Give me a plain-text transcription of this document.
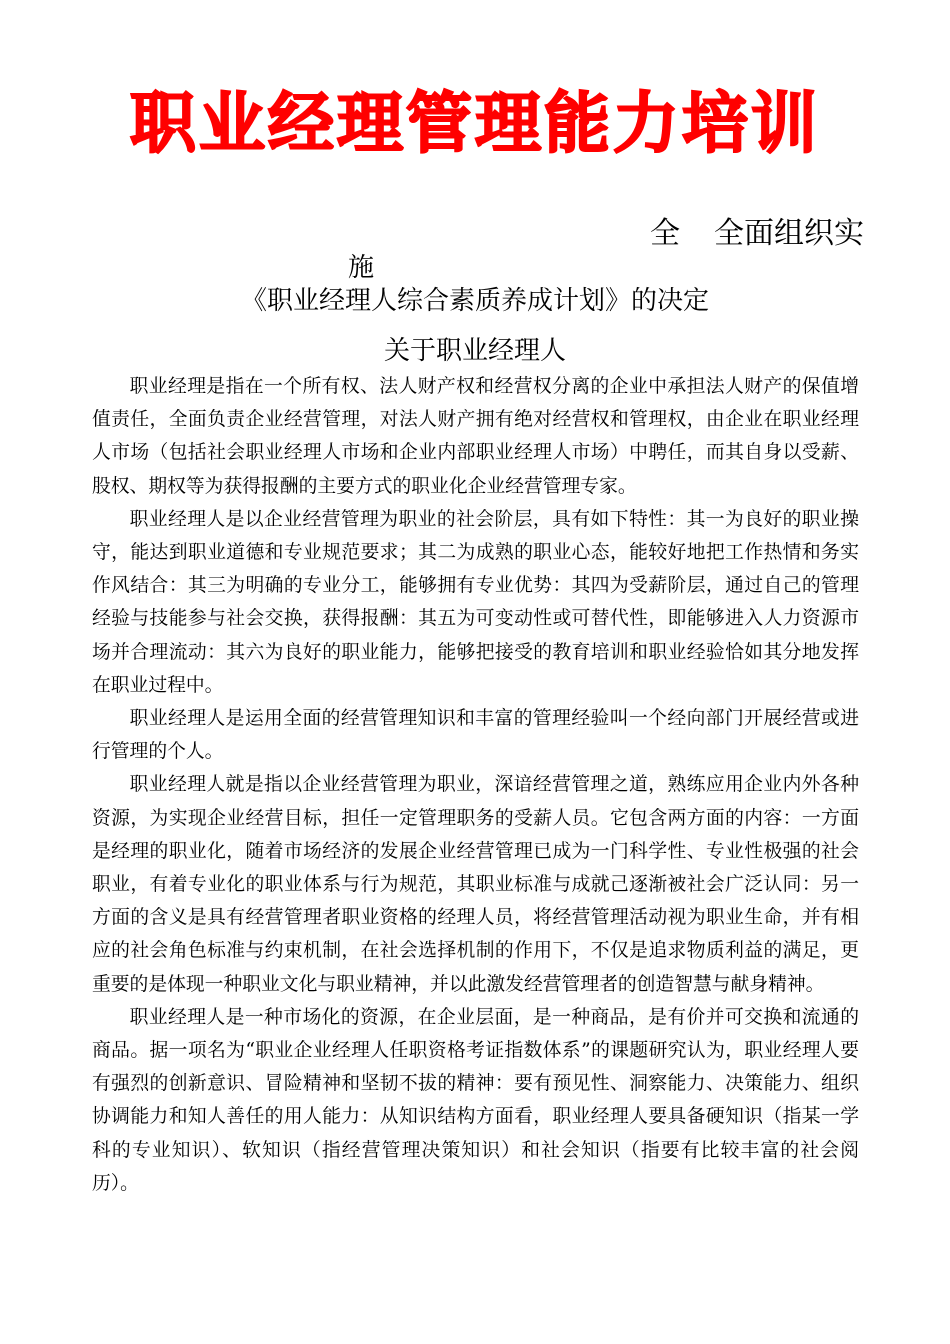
职业经理管理能力培训
全 全面组织实
施
《职业经理人综合素质养成计划》的决定
关于职业经理人

职业经理是指在一个所有权、法人财产权和经营权分离的企业中承担法人财产的保值增值责任，全面负责企业经营管理，对法人财产拥有绝对经营权和管理权，由企业在职业经理人市场（包括社会职业经理人市场和企业内部职业经理人市场）中聘任，而其自身以受薪、股权、期权等为获得报酬的主要方式的职业化企业经营管理专家。

职业经理人是以企业经营管理为职业的社会阶层，具有如下特性：其一为良好的职业操守，能达到职业道德和专业规范要求；其二为成熟的职业心态，能较好地把工作热情和务实作风结合：其三为明确的专业分工，能够拥有专业优势：其四为受薪阶层，通过自己的管理经验与技能参与社会交换，获得报酬：其五为可变动性或可替代性，即能够进入人力资源市场并合理流动：其六为良好的职业能力，能够把接受的教育培训和职业经验恰如其分地发挥在职业过程中。

职业经理人是运用全面的经营管理知识和丰富的管理经验叫一个经向部门开展经营或进行管理的个人。

职业经理人就是指以企业经营管理为职业，深谙经营管理之道，熟练应用企业内外各种资源，为实现企业经营目标，担任一定管理职务的受薪人员。它包含两方面的内容：一方面是经理的职业化，随着市场经济的发展企业经营管理已成为一门科学性、专业性极强的社会职业，有着专业化的职业体系与行为规范，其职业标准与成就己逐渐被社会广泛认同：另一方面的含义是具有经营管理者职业资格的经理人员，将经营管理活动视为职业生命，并有相应的社会角色标准与约束机制，在社会选择机制的作用下，不仅是追求物质利益的满足，更重要的是体现一种职业文化与职业精神，并以此激发经营管理者的创造智慧与献身精神。

职业经理人是一种市场化的资源，在企业层面，是一种商品，是有价并可交换和流通的商品。据一项名为“职业企业经理人任职资格考证指数体系”的课题研究认为，职业经理人要有强烈的创新意识、冒险精神和坚韧不拔的精神：要有预见性、洞察能力、决策能力、组织协调能力和知人善任的用人能力：从知识结构方面看，职业经理人要具备硬知识（指某一学科的专业知识）、软知识（指经营管理决策知识）和社会知识（指要有比较丰富的社会阅历）。
